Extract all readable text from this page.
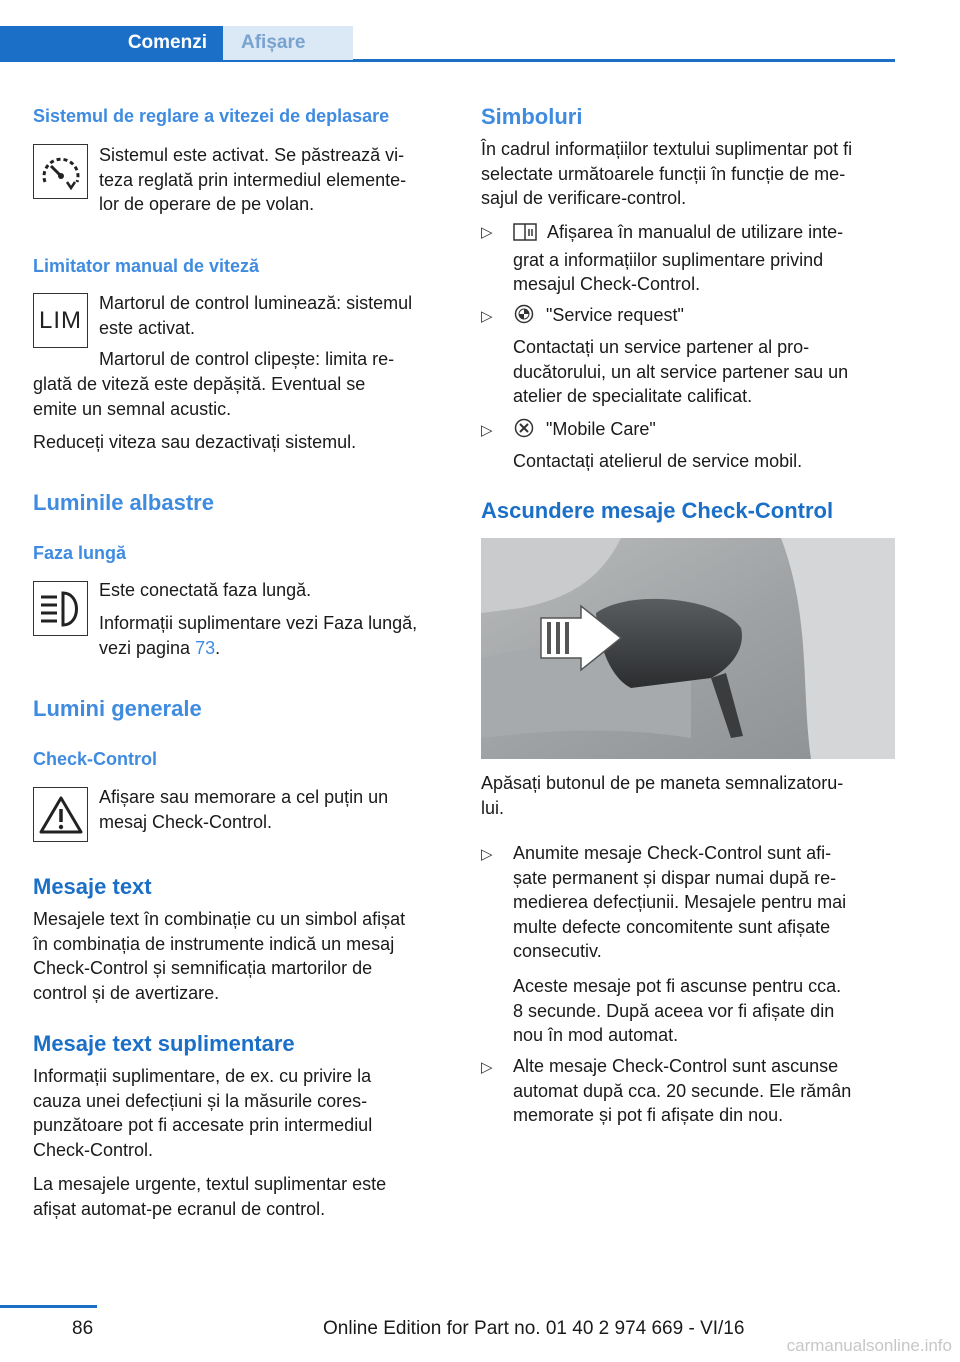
Comenzi	Afișare
Sistemul de reglare a vitezei de deplasare
Sistemul este activat. Se păstrează vi‐
teza reglată prin intermediul elemente‐
lor de operare de pe volan.
Limitator manual de viteză
LIM
Martorul de control luminează: sistemul
este activat.
Martorul de control clipește: limita re‐
glată de viteză este depășită. Eventual se
emite un semnal acustic.
Reduceți viteza sau dezactivați sistemul.
Luminile albastre
Faza lungă
Este conectată faza lungă.
Informații suplimentare vezi Faza lungă,
vezi pagina 73.
Lumini generale
Check-Control
Afișare sau memorare a cel puțin un
mesaj Check-Control.
Mesaje text
Mesajele text în combinație cu un simbol afișat
în combinația de instrumente indică un mesaj
Check-Control și semnificația martorilor de
control și de avertizare.
Mesaje text suplimentare
Informații suplimentare, de ex. cu privire la
cauza unei defecțiuni și la măsurile cores‐
punzătoare pot fi accesate prin intermediul
Check-Control.
La mesajele urgente, textul suplimentar este
afișat automat-pe ecranul de control.
Simboluri
În cadrul informațiilor textului suplimentar pot fi
selectate următoarele funcții în funcție de me‐
sajul de verificare-control.
▷	Afișarea în manualul de utilizare inte‐
grat a informațiilor suplimentare privind
mesajul Check-Control.
▷	"Service request"
Contactați un service partener al pro‐
ducătorului, un alt service partener sau un
atelier de specialitate calificat.
▷	"Mobile Care"
Contactați atelierul de service mobil.
Ascundere mesaje Check-Control
Apăsați butonul de pe maneta semnalizatoru‐
lui.
▷ Anumite mesaje Check-Control sunt afi‐
șate permanent și dispar numai după re‐
medierea defecțiunii. Mesajele pentru mai
multe defecte concomitente sunt afișate
consecutiv.
Aceste mesaje pot fi ascunse pentru cca.
8 secunde. După aceea vor fi afișate din
nou în mod automat.
▷ Alte mesaje Check-Control sunt ascunse
automat după cca. 20 secunde. Ele rămân
memorate și pot fi afișate din nou.
86	Online Edition for Part no. 01 40 2 974 669 - VI/16
carmanualsonline.info
